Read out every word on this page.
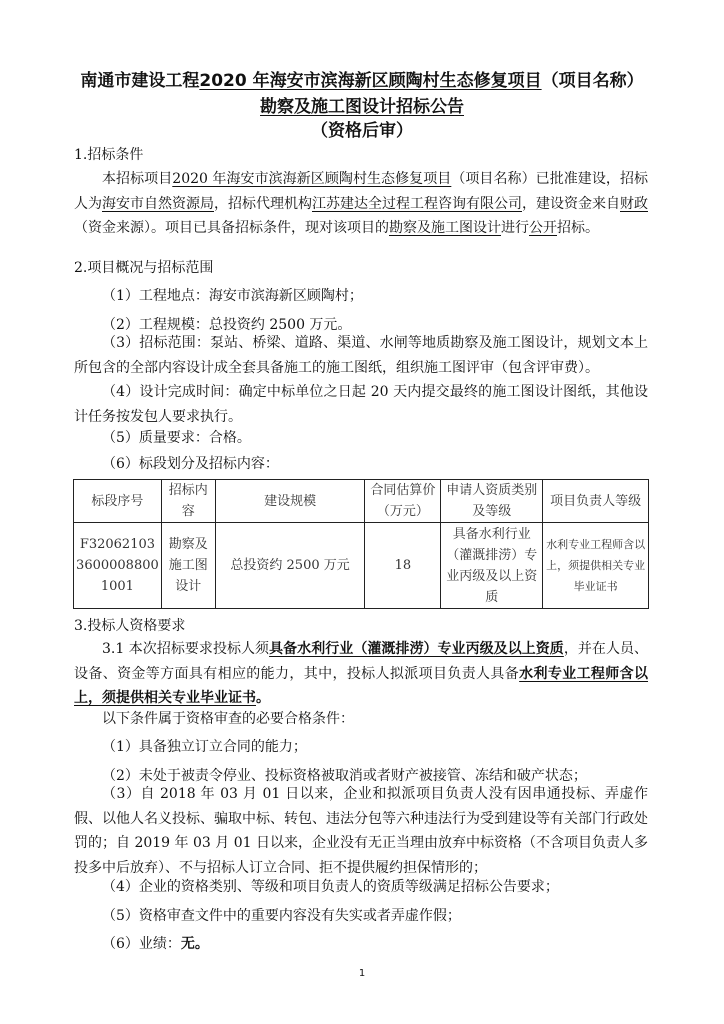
南通市建设工程2020 年海安市滨海新区顾陶村生态修复项目（项目名称）
勘察及施工图设计招标公告
（资格后审）
1.招标条件
本招标项目2020 年海安市滨海新区顾陶村生态修复项目（项目名称）已批准建设，招标人为海安市自然资源局，招标代理机构江苏建达全过程工程咨询有限公司，建设资金来自财政（资金来源）。项目已具备招标条件，现对该项目的勘察及施工图设计进行公开招标。
2.项目概况与招标范围
（1）工程地点：海安市滨海新区顾陶村；
（2）工程规模：总投资约 2500 万元。
（3）招标范围：泵站、桥梁、道路、渠道、水闸等地质勘察及施工图设计，规划文本上所包含的全部内容设计成全套具备施工的施工图纸，组织施工图评审（包含评审费）。
（4）设计完成时间：确定中标单位之日起 20 天内提交最终的施工图设计图纸，其他设计任务按发包人要求执行。
（5）质量要求：合格。
（6）标段划分及招标内容：
标段序号	招标内容	建设规模	合同估算价（万元）	申请人资质类别及等级	项目负责人等级
F3206210336000088001001	勘察及施工图设计	总投资约 2500 万元	18	具备水利行业（灌溉排涝）专业丙级及以上资质	水利专业工程师含以上，须提供相关专业毕业证书
3.投标人资格要求
3.1 本次招标要求投标人须具备水利行业（灌溉排涝）专业丙级及以上资质，并在人员、设备、资金等方面具有相应的能力，其中，投标人拟派项目负责人具备水利专业工程师含以上，须提供相关专业毕业证书。
以下条件属于资格审查的必要合格条件：
（1）具备独立订立合同的能力；
（2）未处于被责令停业、投标资格被取消或者财产被接管、冻结和破产状态；
（3）自 2018 年 03 月 01 日以来，企业和拟派项目负责人没有因串通投标、弄虚作假、以他人名义投标、骗取中标、转包、违法分包等六种违法行为受到建设等有关部门行政处罚的；自 2019 年 03 月 01 日以来，企业没有无正当理由放弃中标资格（不含项目负责人多投多中后放弃）、不与招标人订立合同、拒不提供履约担保情形的；
（4）企业的资格类别、等级和项目负责人的资质等级满足招标公告要求；
（5）资格审查文件中的重要内容没有失实或者弄虚作假；
（6）业绩：无。
1
